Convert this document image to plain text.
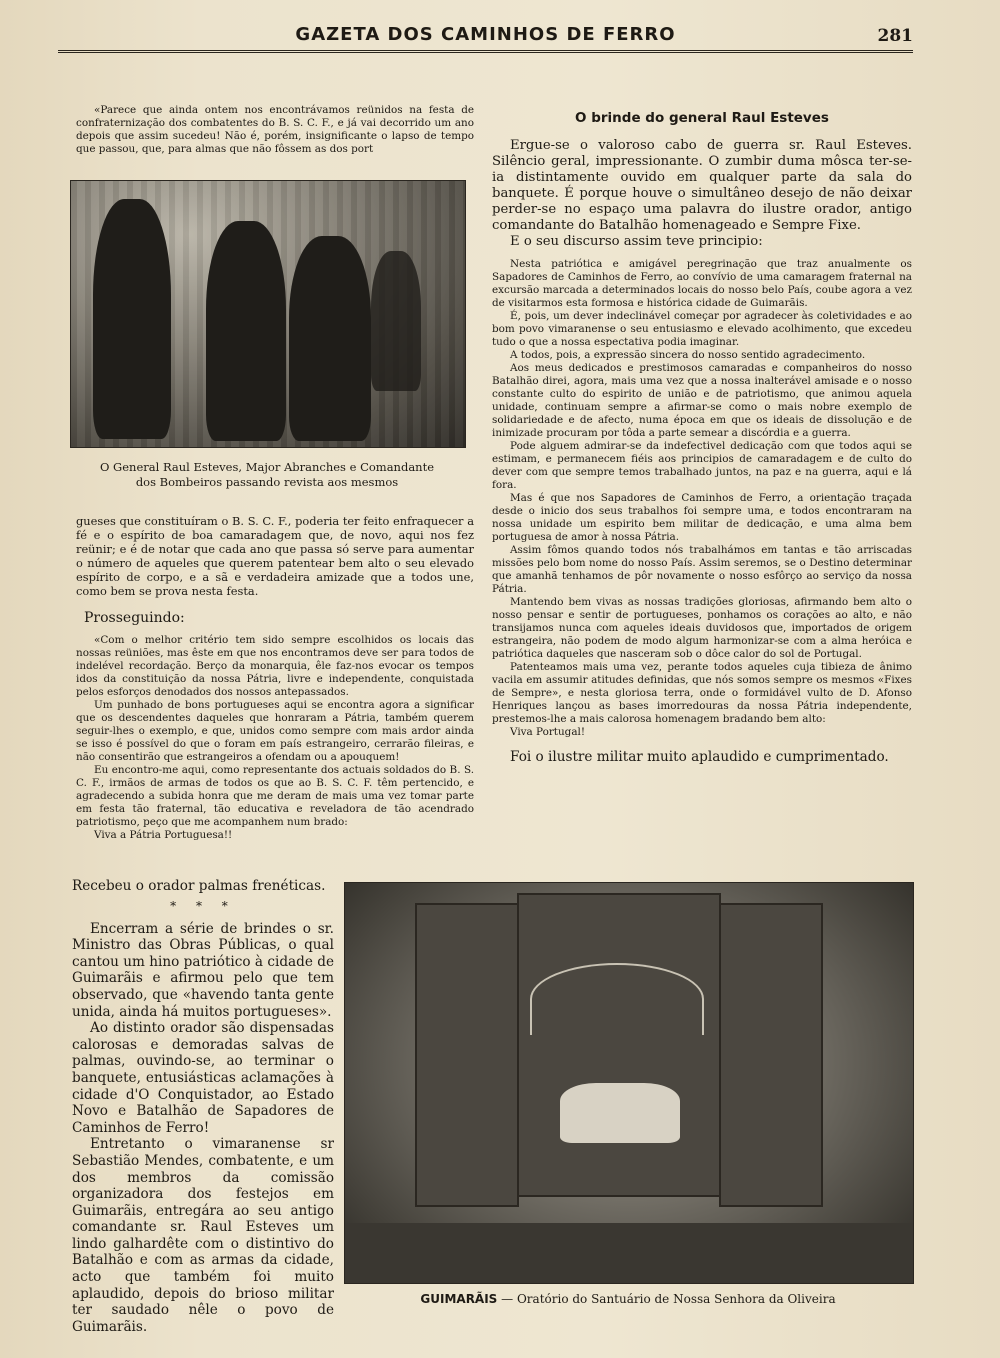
GAZETA DOS CAMINHOS DE FERRO	281

«Parece que ainda ontem nos encontrávamos reünidos na festa de confraternização dos combatentes do B. S. C. F., e já vai decorrido um ano depois que assim sucedeu! Não é, porém, insignificante o lapso de tempo que passou, que, para almas que não fôssem as dos port

O General Raul Esteves, Major Abranches e Comandante
dos Bombeiros passando revista aos mesmos

gueses que constituíram o B. S. C. F., poderia ter feito enfraquecer a fé e o espírito de boa camaradagem que, de novo, aqui nos fez reünir; e é de notar que cada ano que passa só serve para aumentar o número de aqueles que querem patentear bem alto o seu elevado espírito de corpo, e a sã e verdadeira amizade que a todos une, como bem se prova nesta festa.

Prosseguindo:

«Com o melhor critério tem sido sempre escolhidos os locais das nossas reüniões, mas êste em que nos encontramos deve ser para todos de indelével recordação. Berço da monarquia, êle faz-nos evocar os tempos idos da constituição da nossa Pátria, livre e independente, conquistada pelos esforços denodados dos nossos antepassados.

Um punhado de bons portugueses aqui se encontra agora a significar que os descendentes daqueles que honraram a Pátria, também querem seguir-lhes o exemplo, e que, unidos como sempre com mais ardor ainda se isso é possível do que o foram em país estrangeiro, cerrarão fileiras, e não consentirão que estrangeiros a ofendam ou a apouquem!

Eu encontro-me aqui, como representante dos actuais soldados do B. S. C. F., irmãos de armas de todos os que ao B. S. C. F. têm pertencido, e agradecendo a subida honra que me deram de mais uma vez tomar parte em festa tão fraternal, tão educativa e reveladora de tão acendrado patriotismo, peço que me acompanhem num brado:

Viva a Pátria Portuguesa!!

Recebeu o orador palmas frenéticas.

* * *

Encerram a série de brindes o sr. Ministro das Obras Públicas, o qual cantou um hino patriótico à cidade de Guimarãis e afirmou pelo que tem observado, que «havendo tanta gente unida, ainda há muitos portugueses».

Ao distinto orador são dispensadas calorosas e demoradas salvas de palmas, ouvindo-se, ao terminar o banquete, entusiásticas aclamações à cidade d'O Conquistador, ao Estado Novo e Batalhão de Sapadores de Caminhos de Ferro!

Entretanto o vimaranense sr Sebastião Mendes, combatente, e um dos membros da comissão organizadora dos festejos em Guimarãis, entregára ao seu antigo comandante sr. Raul Esteves um lindo galhardête com o distintivo do Batalhão e com as armas da cidade, acto que também foi muito aplaudido, depois do brioso militar ter saudado nêle o povo de Guimarãis.

O brinde do general Raul Esteves

Ergue-se o valoroso cabo de guerra sr. Raul Esteves. Silêncio geral, impressionante. O zumbir duma môsca ter-se-ia distintamente ouvido em qualquer parte da sala do banquete. É porque houve o simultâneo desejo de não deixar perder-se no espaço uma palavra do ilustre orador, antigo comandante do Batalhão homenageado e Sempre Fixe.

E o seu discurso assim teve principio:

Nesta patriótica e amigável peregrinação que traz anualmente os Sapadores de Caminhos de Ferro, ao convívio de uma camaragem fraternal na excursão marcada a determinados locais do nosso belo País, coube agora a vez de visitarmos esta formosa e histórica cidade de Guimarãis.

É, pois, um dever indeclinável começar por agradecer às coletividades e ao bom povo vimaranense o seu entusiasmo e elevado acolhimento, que excedeu tudo o que a nossa espectativa podia imaginar.

A todos, pois, a expressão sincera do nosso sentido agradecimento.

Aos meus dedicados e prestimosos camaradas e companheiros do nosso Batalhão direi, agora, mais uma vez que a nossa inalterável amisade e o nosso constante culto do espirito de união e de patriotismo, que animou aquela unidade, continuam sempre a afirmar-se como o mais nobre exemplo de solidariedade e de afecto, numa época em que os ideais de dissolução e de inimizade procuram por tôda a parte semear a discórdia e a guerra.

Pode alguem admirar-se da indefectivel dedicação com que todos aqui se estimam, e permanecem fiéis aos principios de camaradagem e de culto do dever com que sempre temos trabalhado juntos, na paz e na guerra, aqui e lá fora.

Mas é que nos Sapadores de Caminhos de Ferro, a orientação traçada desde o inicio dos seus trabalhos foi sempre uma, e todos encontraram na nossa unidade um espirito bem militar de dedicação, e uma alma bem portuguesa de amor à nossa Pátria.

Assim fômos quando todos nós trabalhámos em tantas e tão arriscadas missões pelo bom nome do nosso País. Assim seremos, se o Destino determinar que amanhã tenhamos de pôr novamente o nosso esfôrço ao serviço da nossa Pátria.

Mantendo bem vivas as nossas tradições gloriosas, afirmando bem alto o nosso pensar e sentir de portugueses, ponhamos os corações ao alto, e não transijamos nunca com aqueles ideais duvidosos que, importados de origem estrangeira, não podem de modo algum harmonizar-se com a alma heróica e patriótica daqueles que nasceram sob o dôce calor do sol de Portugal.

Patenteamos mais uma vez, perante todos aqueles cuja tibieza de ânimo vacila em assumir atitudes definidas, que nós somos sempre os mesmos «Fixes de Sempre», e nesta gloriosa terra, onde o formidável vulto de D. Afonso Henriques lançou as bases imorredouras da nossa Pátria independente, prestemos-lhe a mais calorosa homenagem bradando bem alto:

Viva Portugal!

Foi o ilustre militar muito aplaudido e cumprimentado.

GUIMARÃIS — Oratório do Santuário de Nossa Senhora da Oliveira
